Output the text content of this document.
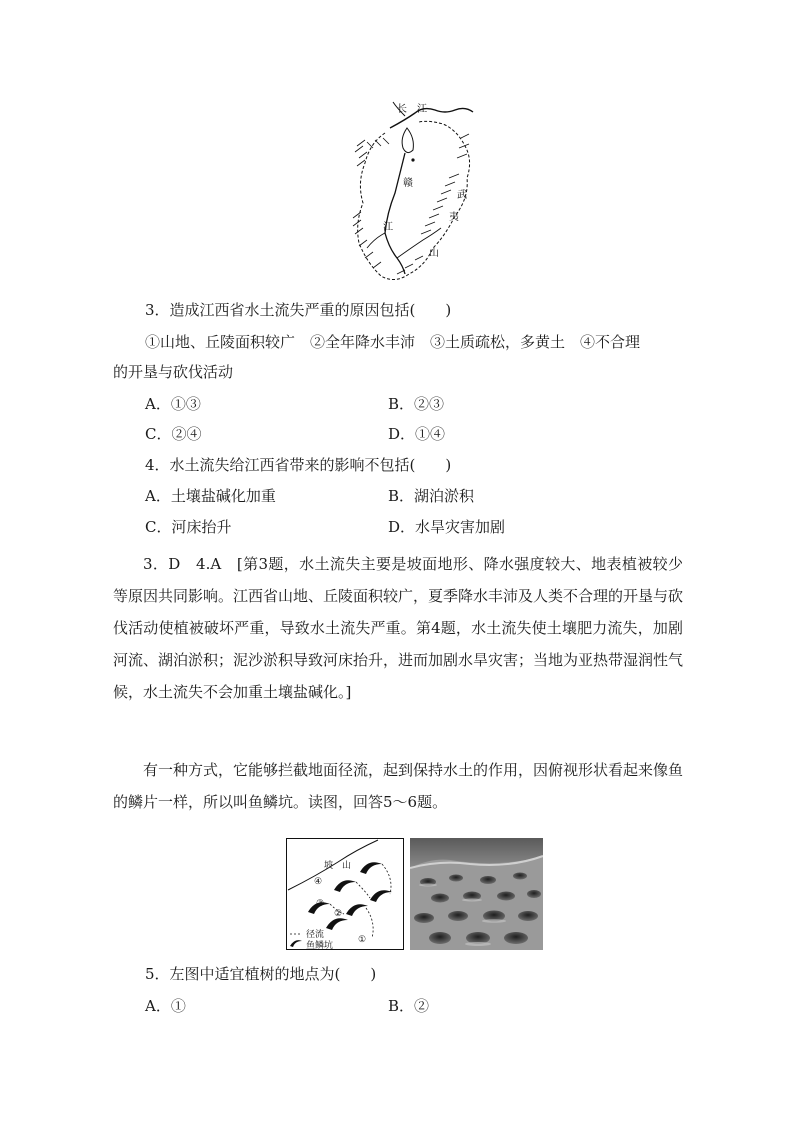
长 江
赣
江
武
夷
山
3．造成江西省水土流失严重的原因包括(　　)
①山地、丘陵面积较广　②全年降水丰沛　③土质疏松，多黄土　④不合理
的开垦与砍伐活动
A．①③	B．②③
C．②④	D．①④
4．水土流失给江西省带来的影响不包括(　　)
A．土壤盐碱化加重	B．湖泊淤积
C．河床抬升	D．水旱灾害加剧
3．D　4.A　[第3题，水土流失主要是坡面地形、降水强度较大、地表植被较少等原因共同影响。江西省山地、丘陵面积较广，夏季降水丰沛及人类不合理的开垦与砍伐活动使植被破坏严重，导致水土流失严重。第4题，水土流失使土壤肥力流失，加剧河流、湖泊淤积；泥沙淤积导致河床抬升，进而加剧水旱灾害；当地为亚热带湿润性气候，水土流失不会加重土壤盐碱化。]
有一种方式，它能够拦截地面径流，起到保持水土的作用，因俯视形状看起来像鱼的鳞片一样，所以叫鱼鳞坑。读图，回答5～6题。
坡　山
①
②
③
④
径流
鱼鳞坑
5．左图中适宜植树的地点为(　　)
A．①	B．②
